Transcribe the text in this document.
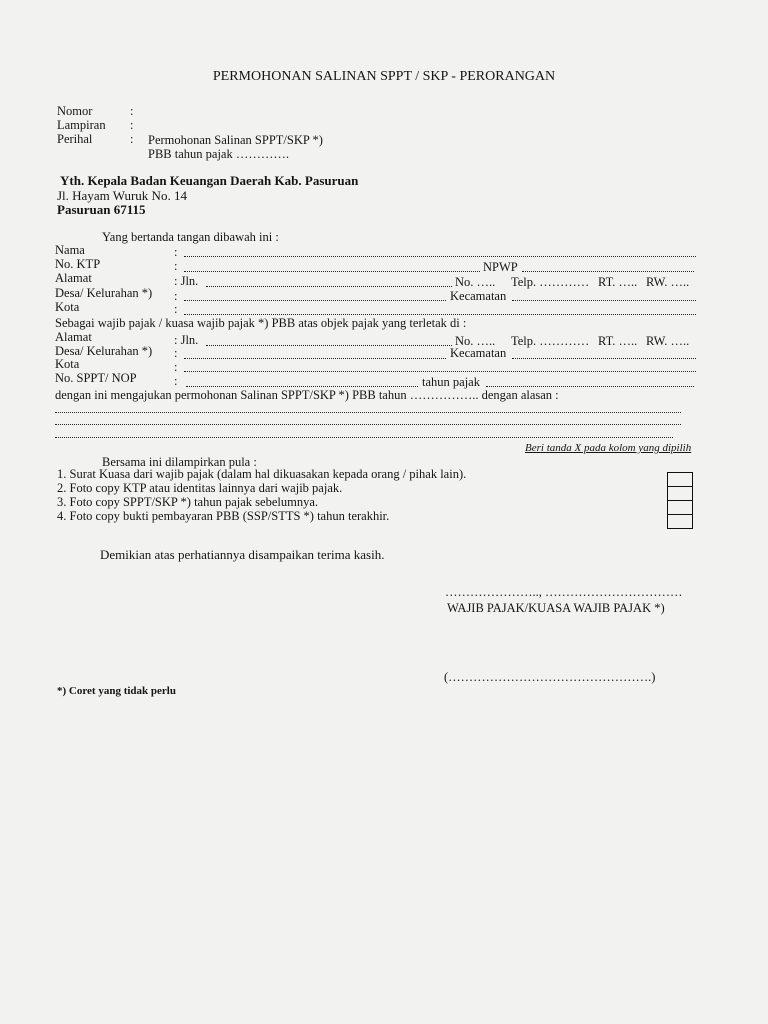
PERMOHONAN SALINAN SPPT / SKP - PERORANGAN
Nomor	:
Lampiran :
Perihal	: Permohonan Salinan SPPT/SKP *)
PBB tahun pajak ………….
Yth. Kepala Badan Keuangan Daerah Kab. Pasuruan
Jl. Hayam Wuruk No. 14
Pasuruan 67115
Yang bertanda tangan dibawah ini :
Nama	:
No. KTP	:	NPWP
Alamat	: Jln.	No. ….. Telp. ………… RT. ….. RW. …..
Desa/ Kelurahan *) :	Kecamatan
Kota	:
Sebagai wajib pajak / kuasa wajib pajak *) PBB atas objek pajak yang terletak di :
Alamat	: Jln.	No. ….. Telp. ………… RT. ….. RW. …..
Desa/ Kelurahan *) :	Kecamatan
Kota	:
No. SPPT/ NOP	:	tahun pajak
dengan ini mengajukan permohonan Salinan SPPT/SKP *) PBB tahun …………….. dengan alasan :
Beri tanda X pada kolom yang dipilih
Bersama ini dilampirkan pula :
1. Surat Kuasa dari wajib pajak (dalam hal dikuasakan kepada orang / pihak lain).
2. Foto copy KTP atau identitas lainnya dari wajib pajak.
3. Foto copy SPPT/SKP *) tahun pajak sebelumnya.
4. Foto copy bukti pembayaran PBB (SSP/STTS *) tahun terakhir.
Demikian atas perhatiannya disampaikan terima kasih.
………………….., ……………………………
WAJIB PAJAK/KUASA WAJIB PAJAK *)
(………………………………………….)
*) Coret yang tidak perlu
